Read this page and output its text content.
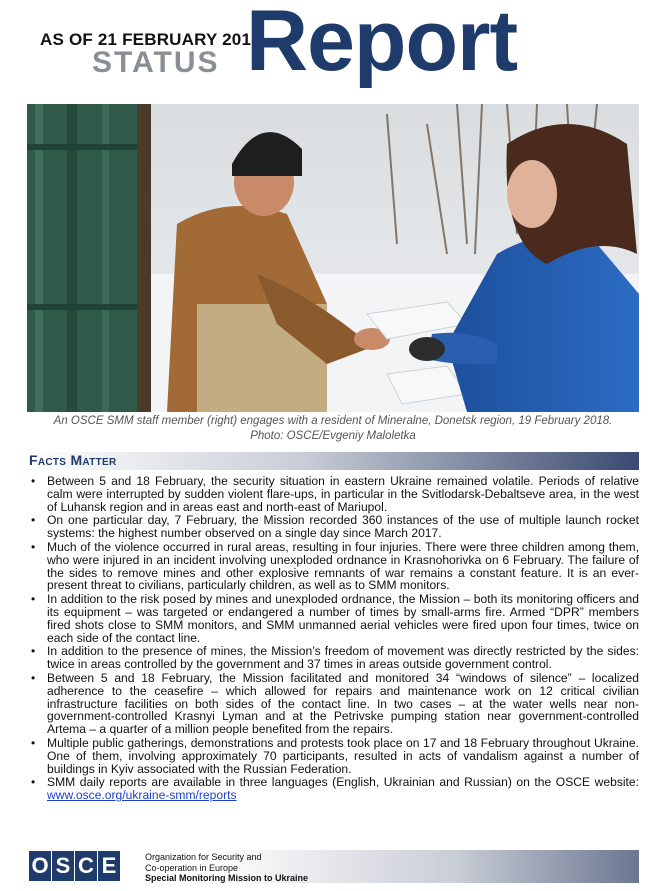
AS OF 21 FEBRUARY 2018
STATUS Report
An OSCE SMM staff member (right) engages with a resident of Mineralne, Donetsk region, 19 February 2018.
Photo: OSCE/Evgeniy Maloletka
Facts Matter
• Between 5 and 18 February, the security situation in eastern Ukraine remained volatile. Periods of relative calm were interrupted by sudden violent flare-ups, in particular in the Svitlodarsk-Debaltseve area, in the west of Luhansk region and in areas east and north-east of Mariupol.
• On one particular day, 7 February, the Mission recorded 360 instances of the use of multiple launch rocket systems: the highest number observed on a single day since March 2017.
• Much of the violence occurred in rural areas, resulting in four injuries. There were three children among them, who were injured in an incident involving unexploded ordnance in Krasnohorivka on 6 February. The failure of the sides to remove mines and other explosive remnants of war remains a constant feature. It is an ever-present threat to civilians, particularly children, as well as to SMM monitors.
• In addition to the risk posed by mines and unexploded ordnance, the Mission – both its monitoring officers and its equipment – was targeted or endangered a number of times by small-arms fire. Armed “DPR” members fired shots close to SMM monitors, and SMM unmanned aerial vehicles were fired upon four times, twice on each side of the contact line.
• In addition to the presence of mines, the Mission’s freedom of movement was directly restricted by the sides: twice in areas controlled by the government and 37 times in areas outside government control.
• Between 5 and 18 February, the Mission facilitated and monitored 34 “windows of silence” – localized adherence to the ceasefire – which allowed for repairs and maintenance work on 12 critical civilian infrastructure facilities on both sides of the contact line. In two cases – at the water wells near non-government-controlled Krasnyi Lyman and at the Petrivske pumping station near government-controlled Artema – a quarter of a million people benefited from the repairs.
• Multiple public gatherings, demonstrations and protests took place on 17 and 18 February throughout Ukraine. One of them, involving approximately 70 participants, resulted in acts of vandalism against a number of buildings in Kyiv associated with the Russian Federation.
• SMM daily reports are available in three languages (English, Ukrainian and Russian) on the OSCE website: www.osce.org/ukraine-smm/reports
O S C E	Organization for Security and
Co-operation in Europe
Special Monitoring Mission to Ukraine
